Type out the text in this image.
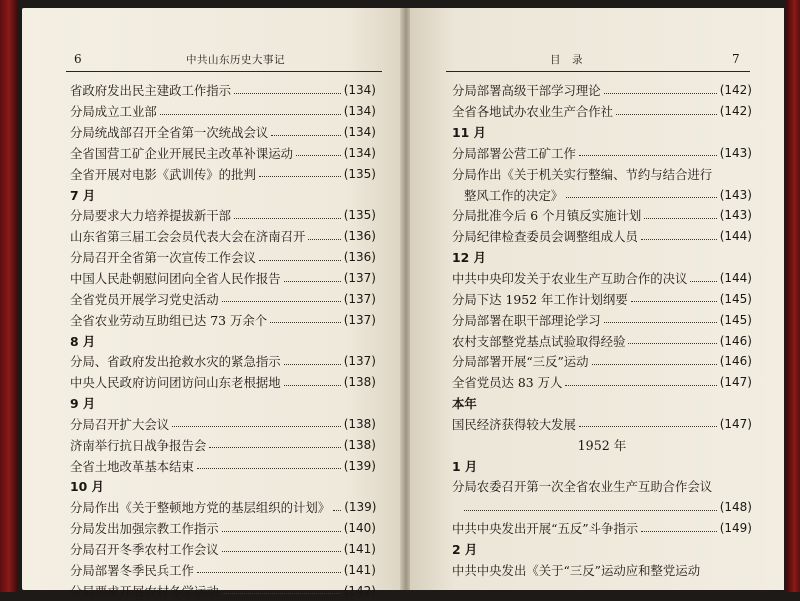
6	中共山东历史大事记	目　录	7
省政府发出民主建政工作指示	(134)
分局成立工业部	(134)
分局统战部召开全省第一次统战会议	(134)
全省国营工矿企业开展民主改革补课运动	(134)
全省开展对电影《武训传》的批判	(135)
7 月
分局要求大力培养提拔新干部	(135)
山东省第三届工会会员代表大会在济南召开	(136)
分局召开全省第一次宣传工作会议	(136)
中国人民赴朝慰问团向全省人民作报告	(137)
全省党员开展学习党史活动	(137)
全省农业劳动互助组已达 73 万余个	(137)
8 月
分局、省政府发出抢救水灾的紧急指示	(137)
中央人民政府访问团访问山东老根据地	(138)
9 月
分局召开扩大会议	(138)
济南举行抗日战争报告会	(138)
全省土地改革基本结束	(139)
10 月
分局作出《关于整顿地方党的基层组织的计划》 (139)
分局发出加强宗教工作指示	(140)
分局召开冬季农村工作会议	(141)
分局部署冬季民兵工作	(141)
分局要求开展农村冬学运动	(142)
分局部署高级干部学习理论	(142)
全省各地试办农业生产合作社	(142)
11 月
分局部署公营工矿工作	(143)
分局作出《关于机关实行整编、节约与结合进行
整风工作的决定》	(143)
分局批准今后 6 个月镇反实施计划	(143)
分局纪律检查委员会调整组成人员	(144)
12 月
中共中央印发关于农业生产互助合作的决议	(144)
分局下达 1952 年工作计划纲要	(145)
分局部署在职干部理论学习	(145)
农村支部整党基点试验取得经验	(146)
分局部署开展“三反”运动	(146)
全省党员达 83 万人	(147)
本年
国民经济获得较大发展	(147)
1952 年
1 月
分局农委召开第一次全省农业生产互助合作会议
(148)
中共中央发出开展“五反”斗争指示	(149)
2 月
中共中央发出《关于“三反”运动应和整党运动
